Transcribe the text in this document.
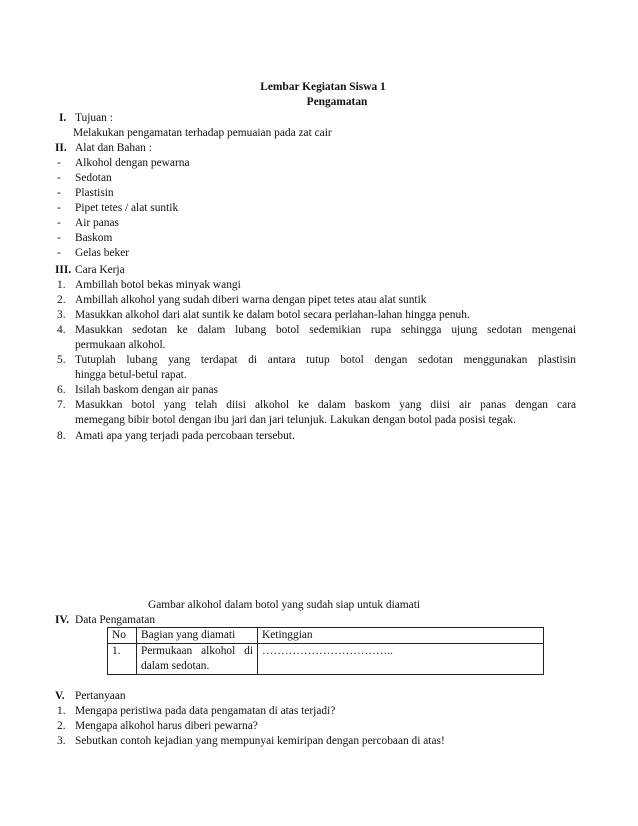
Lembar Kegiatan Siswa 1
Pengamatan
I. Tujuan :
Melakukan pengamatan terhadap pemuaian pada zat cair
II. Alat dan Bahan :
- Alkohol dengan pewarna
- Sedotan
- Plastisin
- Pipet tetes / alat suntik
- Air panas
- Baskom
- Gelas beker
III. Cara Kerja
1. Ambillah botol bekas minyak wangi
2. Ambillah alkohol yang sudah diberi warna dengan pipet tetes atau alat suntik
3. Masukkan alkohol dari alat suntik ke dalam botol secara perlahan-lahan hingga penuh.
4. Masukkan sedotan ke dalam lubang botol sedemikian rupa sehingga ujung sedotan mengenai
permukaan alkohol.
5. Tutuplah lubang yang terdapat di antara tutup botol dengan sedotan menggunakan plastisin
hingga betul-betul rapat.
6. Isilah baskom dengan air panas
7. Masukkan botol yang telah diisi alkohol ke dalam baskom yang diisi air panas dengan cara
memegang bibir botol dengan ibu jari dan jari telunjuk. Lakukan dengan botol pada posisi tegak.
8. Amati apa yang terjadi pada percobaan tersebut.
Gambar alkohol dalam botol yang sudah siap untuk diamati
IV. Data Pengamatan
No	Bagian yang diamati	Ketinggian
1.	Permukaan alkohol di
dalam sedotan.	……………………………..
V. Pertanyaan
1. Mengapa peristiwa pada data pengamatan di atas terjadi?
2. Mengapa alkohol harus diberi pewarna?
3. Sebutkan contoh kejadian yang mempunyai kemiripan dengan percobaan di atas!
